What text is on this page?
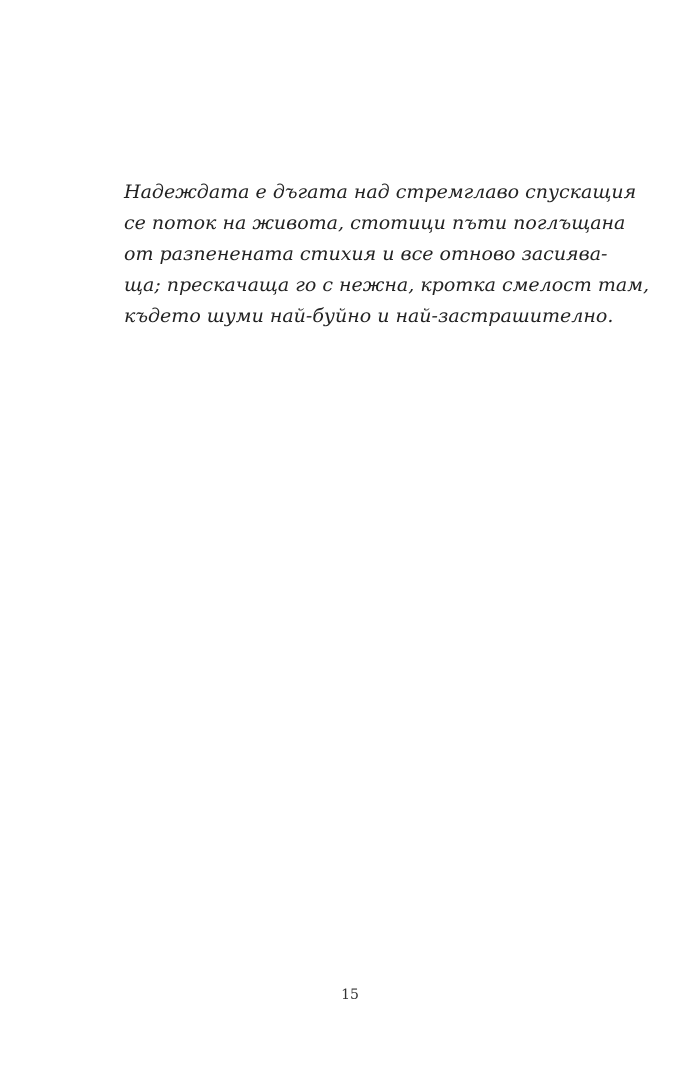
Надеждата е дъгата над стремглаво спускащия
се поток на живота, стотици пъти поглъщана
от разпенената стихия и все отново засиява-
ща; прескачаща го с нежна, кротка смелост там,
където шуми най-буйно и най-застрашително.
15
